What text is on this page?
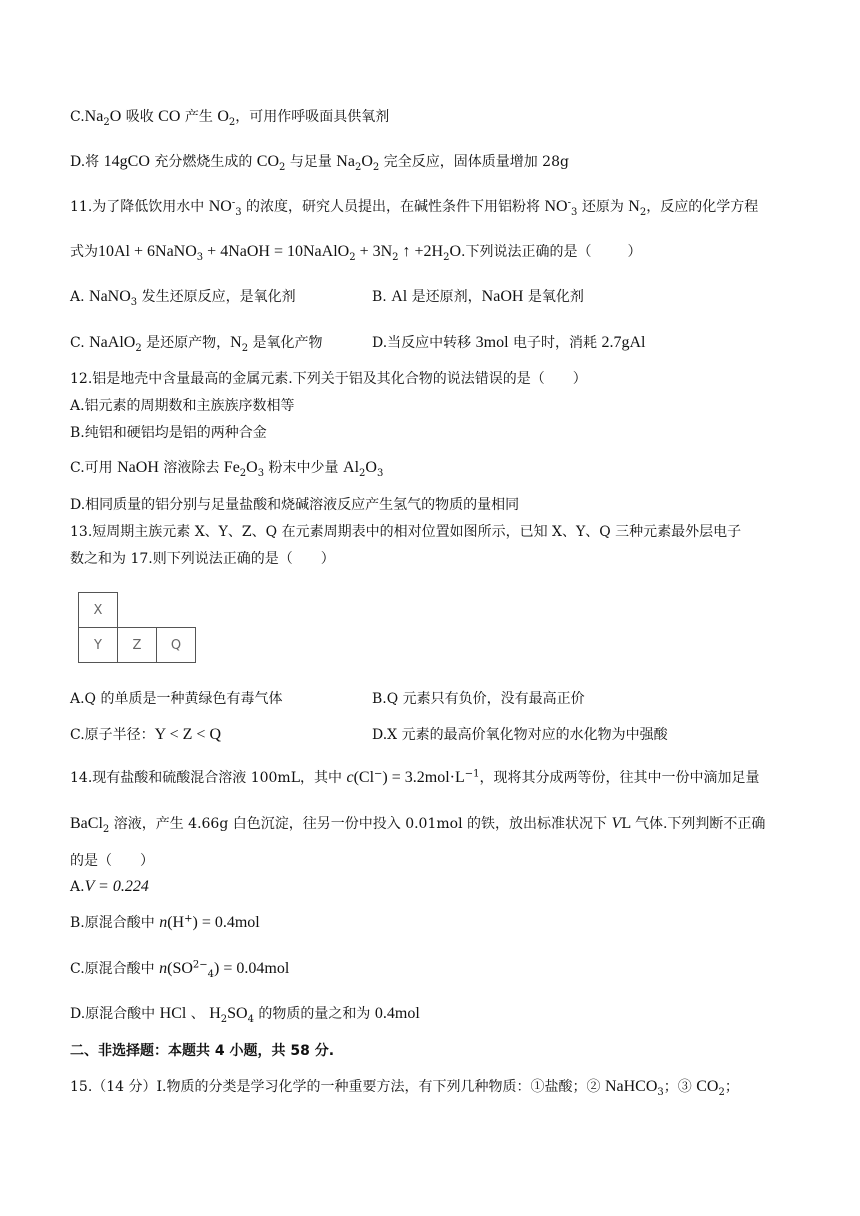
$C.Na_2O$ 吸收 CO 产生 $O_2$，可用作呼吸面具供氧剂
D.将 14gCO 充分燃烧生成的 $CO_2$ 与足量 $Na_2O_2$ 完全反应，固体质量增加 28g
11.为了降低饮用水中 $NO^-_3$ 的浓度，研究人员提出，在碱性条件下用铝粉将 $NO^-_3$ 还原为 $N_2$，反应的化学方程
式为10Al + 6NaNO$_3$ + 4NaOH = 10NaAlO$_2$ + $3N_2$ ↑ $+2H_2O$.下列说法正确的是（	）
A. NaNO$_3$ 发生还原反应，是氧化剂	B. Al 是还原剂，NaOH 是氧化剂
C. NaAlO$_2$ 是还原产物，$N_2$ 是氧化产物	D.当反应中转移 3mol 电子时，消耗 2.7gAl
12.铝是地壳中含量最高的金属元素.下列关于铝及其化合物的说法错误的是（　　）
A.铝元素的周期数和主族族序数相等
B.纯铝和硬铝均是铝的两种合金
C.可用 NaOH 溶液除去 $Fe_2O_3$ 粉末中少量 $Al_2O_3$
D.相同质量的铝分别与足量盐酸和烧碱溶液反应产生氢气的物质的量相同
13.短周期主族元素 X、Y、Z、Q 在元素周期表中的相对位置如图所示，已知 X、Y、Q 三种元素最外层电子
数之和为 17.则下列说法正确的是（　　）
X
Y	Z	Q
A.Q 的单质是一种黄绿色有毒气体	B.Q 元素只有负价，没有最高正价
C.原子半径：Y < Z < Q	D.X 元素的最高价氧化物对应的水化物为中强酸
14.现有盐酸和硫酸混合溶液 100mL，其中 $c(Cl^-) = 3.2mol\cdot L^{-1}$，现将其分成两等份，往其中一份中滴加足量
BaCl$_2$ 溶液，产生 4.66g 白色沉淀，往另一份中投入 0.01mol 的铁，放出标准状况下 VL 气体.下列判断不正确
的是（　　）
A.V = 0.224
B.原混合酸中 n(H+) = 0.4mol
C.原混合酸中 $n(SO^{2-}_4) = 0.04mol$
D.原混合酸中 HCl 、 $H_2SO_4$ 的物质的量之和为 0.4mol
二、非选择题：本题共 4 小题，共 58 分.
15.（14 分）Ⅰ.物质的分类是学习化学的一种重要方法，有下列几种物质：①盐酸；② NaHCO$_3$；③ $CO_2$；
